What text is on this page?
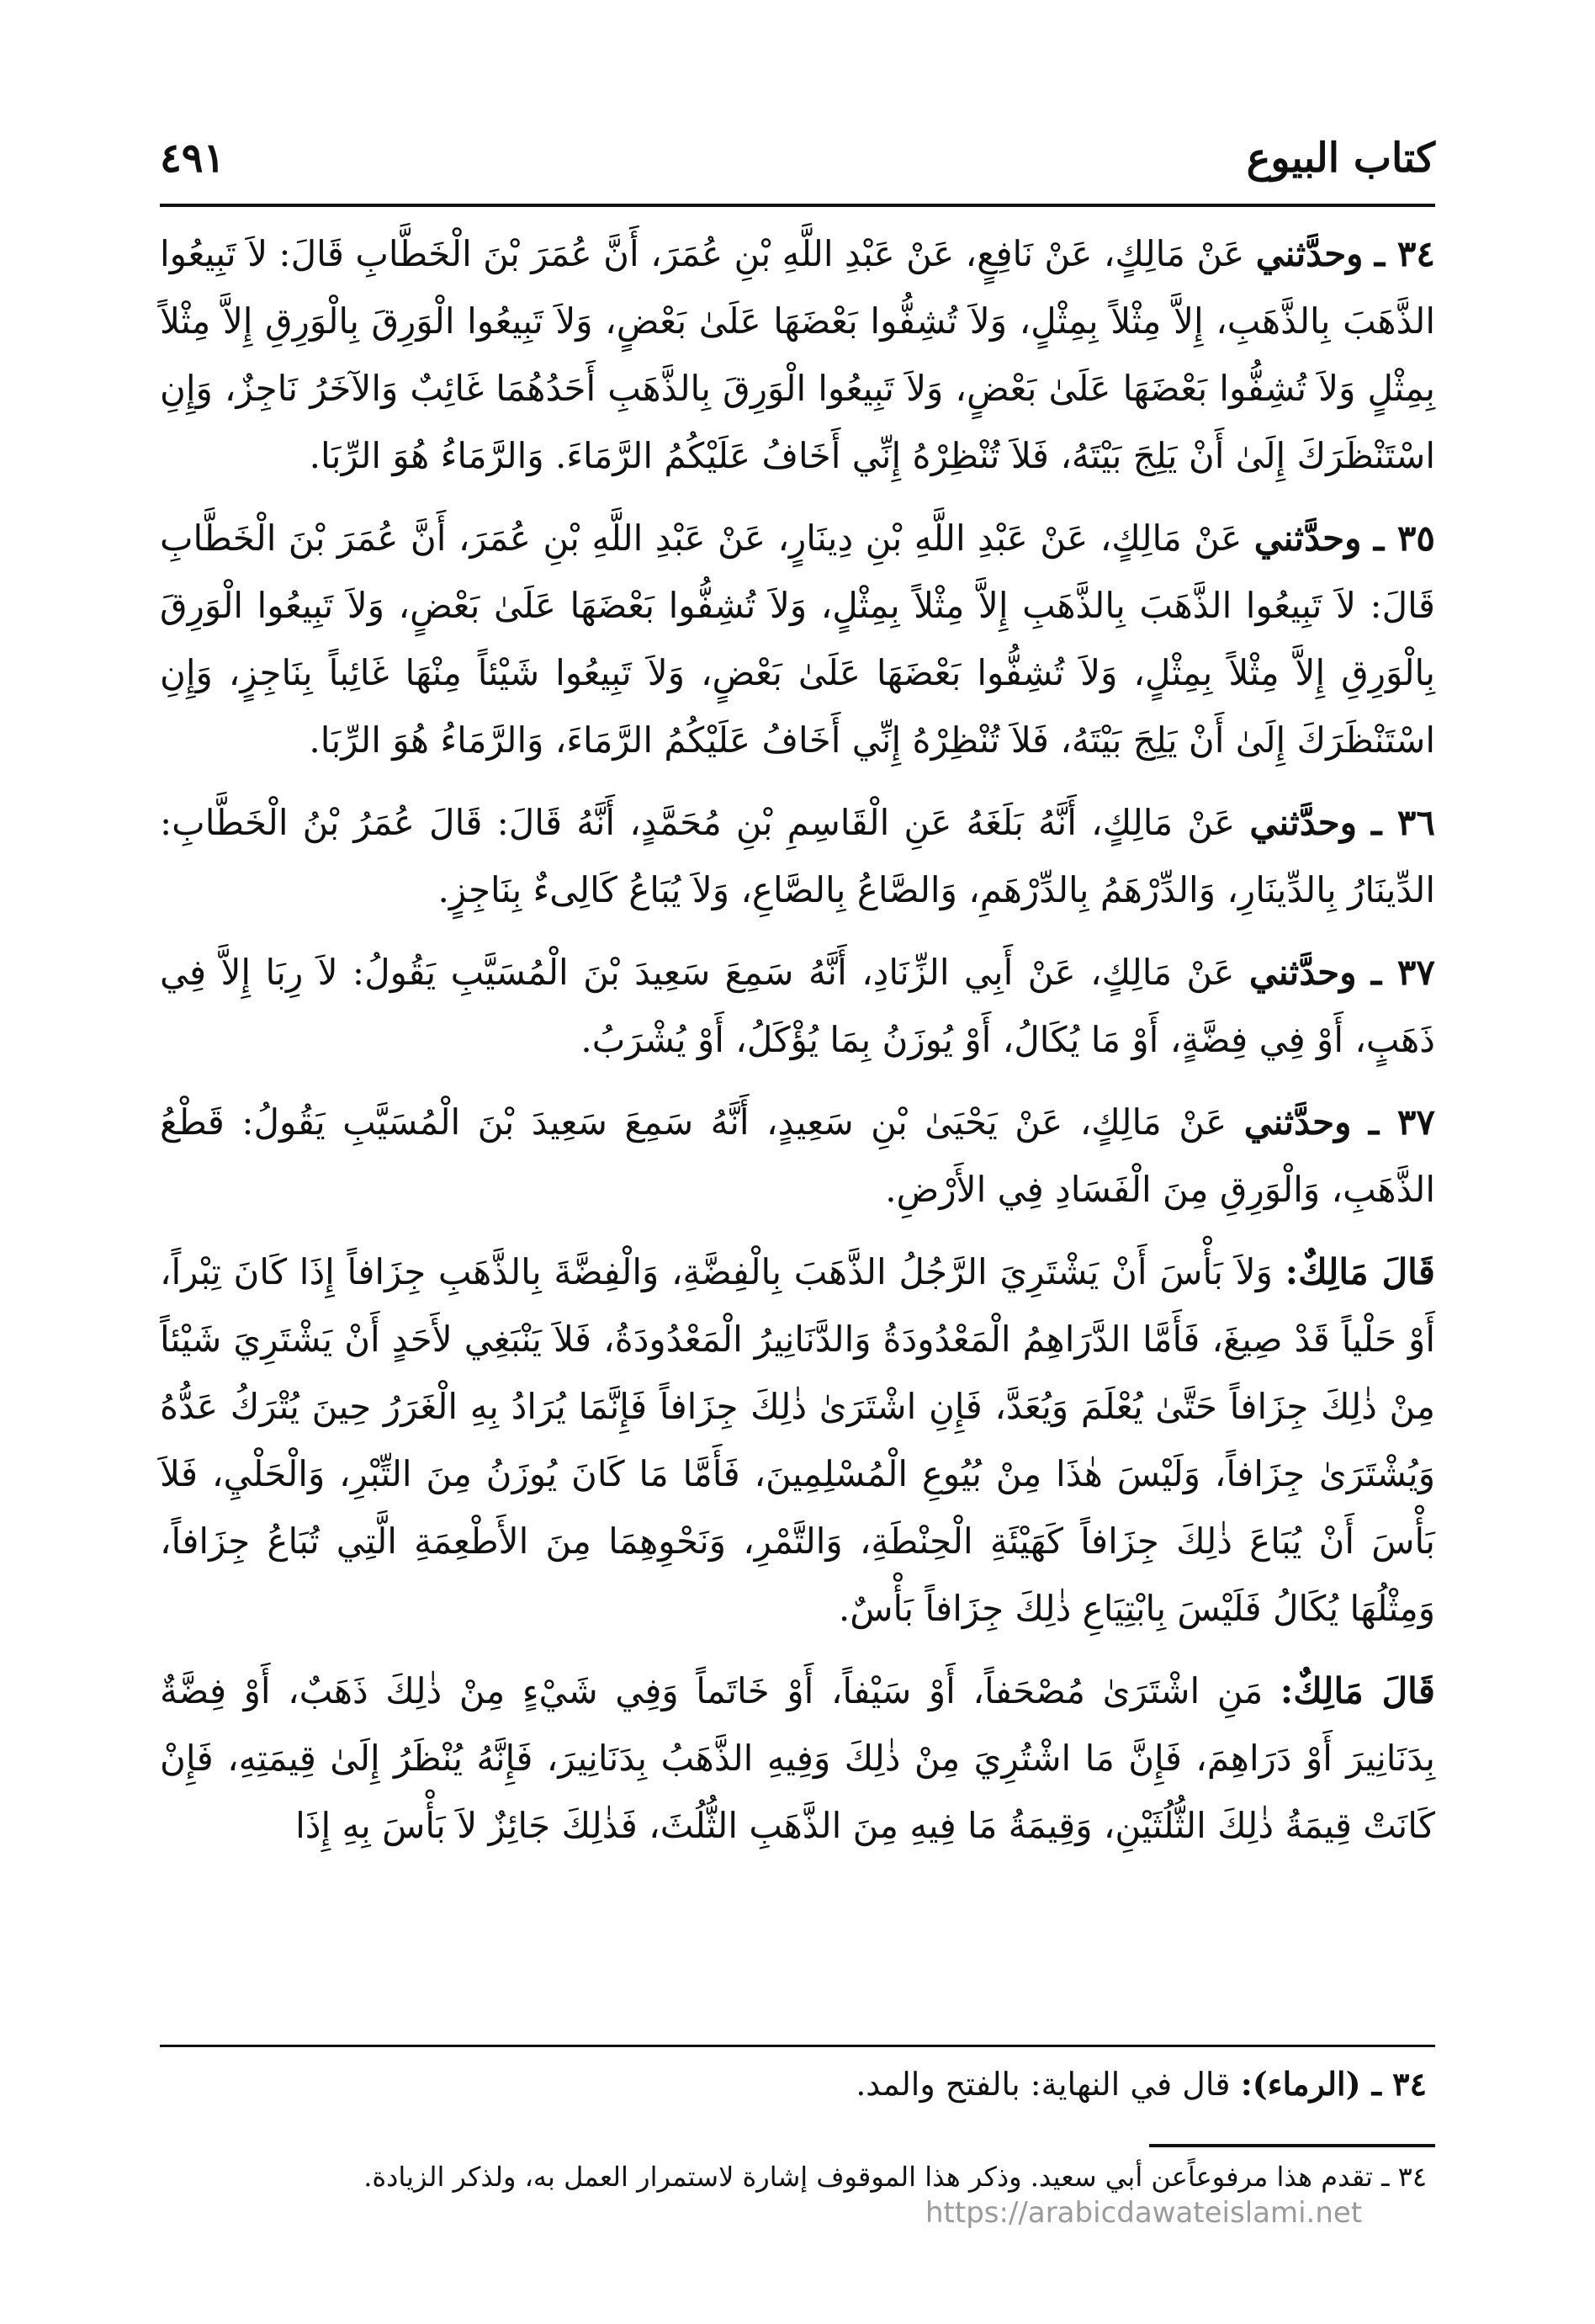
كتاب البيوع
٤٩١

٣٤ ـ وحدَّثني عَنْ مَالِكٍ، عَنْ نَافِعٍ، عَنْ عَبْدِ اللَّهِ بْنِ عُمَرَ، أَنَّ عُمَرَ بْنَ الْخَطَّابِ قَالَ: لاَ تَبِيعُوا الذَّهَبَ بِالذَّهَبِ، إِلاَّ مِثْلاً بِمِثْلٍ، وَلاَ تُشِفُّوا بَعْضَهَا عَلَىٰ بَعْضٍ، وَلاَ تَبِيعُوا الْوَرِقَ بِالْوَرِقِ إِلاَّ مِثْلاً بِمِثْلٍ وَلاَ تُشِفُّوا بَعْضَهَا عَلَىٰ بَعْضٍ، وَلاَ تَبِيعُوا الْوَرِقَ بِالذَّهَبِ أَحَدُهُمَا غَائِبٌ وَالآخَرُ نَاجِزٌ، وَإِنِ اسْتَنْظَرَكَ إِلَىٰ أَنْ يَلِجَ بَيْتَهُ، فَلاَ تُنْظِرْهُ إِنِّي أَخَافُ عَلَيْكُمُ الرَّمَاءَ. وَالرَّمَاءُ هُوَ الرِّبَا.

٣٥ ـ وحدَّثني عَنْ مَالِكٍ، عَنْ عَبْدِ اللَّهِ بْنِ دِينَارٍ، عَنْ عَبْدِ اللَّهِ بْنِ عُمَرَ، أَنَّ عُمَرَ بْنَ الْخَطَّابِ قَالَ: لاَ تَبِيعُوا الذَّهَبَ بِالذَّهَبِ إِلاَّ مِثْلاً بِمِثْلٍ، وَلاَ تُشِفُّوا بَعْضَهَا عَلَىٰ بَعْضٍ، وَلاَ تَبِيعُوا الْوَرِقَ بِالْوَرِقِ إِلاَّ مِثْلاً بِمِثْلٍ، وَلاَ تُشِفُّوا بَعْضَهَا عَلَىٰ بَعْضٍ، وَلاَ تَبِيعُوا شَيْئاً مِنْهَا غَائِباً بِنَاجِزٍ، وَإِنِ اسْتَنْظَرَكَ إِلَىٰ أَنْ يَلِجَ بَيْتَهُ، فَلاَ تُنْظِرْهُ إِنِّي أَخَافُ عَلَيْكُمُ الرَّمَاءَ، وَالرَّمَاءُ هُوَ الرِّبَا.

٣٦ ـ وحدَّثني عَنْ مَالِكٍ، أَنَّهُ بَلَغَهُ عَنِ الْقَاسِمِ بْنِ مُحَمَّدٍ، أَنَّهُ قَالَ: قَالَ عُمَرُ بْنُ الْخَطَّابِ: الدِّينَارُ بِالدِّينَارِ، وَالدِّرْهَمُ بِالدِّرْهَمِ، وَالصَّاعُ بِالصَّاعِ، وَلاَ يُبَاعُ كَالِىءٌ بِنَاجِزٍ.

٣٧ ـ وحدَّثني عَنْ مَالِكٍ، عَنْ أَبِي الزِّنَادِ، أَنَّهُ سَمِعَ سَعِيدَ بْنَ الْمُسَيَّبِ يَقُولُ: لاَ رِبَا إِلاَّ فِي ذَهَبٍ، أَوْ فِي فِضَّةٍ، أَوْ مَا يُكَالُ، أَوْ يُوزَنُ بِمَا يُؤْكَلُ، أَوْ يُشْرَبُ.

٣٧ ـ وحدَّثني عَنْ مَالِكٍ، عَنْ يَحْيَىٰ بْنِ سَعِيدٍ، أَنَّهُ سَمِعَ سَعِيدَ بْنَ الْمُسَيَّبِ يَقُولُ: قَطْعُ الذَّهَبِ، وَالْوَرِقِ مِنَ الْفَسَادِ فِي الأَرْضِ.

قَالَ مَالِكٌ: وَلاَ بَأْسَ أَنْ يَشْتَرِيَ الرَّجُلُ الذَّهَبَ بِالْفِضَّةِ، وَالْفِضَّةَ بِالذَّهَبِ جِزَافاً إِذَا كَانَ تِبْراً، أَوْ حَلْياً قَدْ صِيغَ، فَأَمَّا الدَّرَاهِمُ الْمَعْدُودَةُ وَالدَّنَانِيرُ الْمَعْدُودَةُ، فَلاَ يَنْبَغِي لأَحَدٍ أَنْ يَشْتَرِيَ شَيْئاً مِنْ ذٰلِكَ جِزَافاً حَتَّىٰ يُعْلَمَ وَيُعَدَّ، فَإِنِ اشْتَرَىٰ ذٰلِكَ جِزَافاً فَإِنَّمَا يُرَادُ بِهِ الْغَرَرُ حِينَ يُتْرَكُ عَدُّهُ وَيُشْتَرَىٰ جِزَافاً، وَلَيْسَ هٰذَا مِنْ بُيُوعِ الْمُسْلِمِينَ، فَأَمَّا مَا كَانَ يُوزَنُ مِنَ التِّبْرِ، وَالْحَلْيِ، فَلاَ بَأْسَ أَنْ يُبَاعَ ذٰلِكَ جِزَافاً كَهَيْئَةِ الْحِنْطَةِ، وَالتَّمْرِ، وَنَحْوِهِمَا مِنَ الأَطْعِمَةِ الَّتِي تُبَاعُ جِزَافاً، وَمِثْلُهَا يُكَالُ فَلَيْسَ بِابْتِيَاعِ ذٰلِكَ جِزَافاً بَأْسٌ.

قَالَ مَالِكٌ: مَنِ اشْتَرَىٰ مُصْحَفاً، أَوْ سَيْفاً، أَوْ خَاتَماً وَفِي شَيْءٍ مِنْ ذٰلِكَ ذَهَبٌ، أَوْ فِضَّةٌ بِدَنَانِيرَ أَوْ دَرَاهِمَ، فَإِنَّ مَا اشْتُرِيَ مِنْ ذٰلِكَ وَفِيهِ الذَّهَبُ بِدَنَانِيرَ، فَإِنَّهُ يُنْظَرُ إِلَىٰ قِيمَتِهِ، فَإِنْ كَانَتْ قِيمَةُ ذٰلِكَ الثُّلُثَيْنِ، وَقِيمَةُ مَا فِيهِ مِنَ الذَّهَبِ الثُّلُثَ، فَذٰلِكَ جَائِزٌ لاَ بَأْسَ بِهِ إِذَا

٣٤ ـ (الرماء): قال في النهاية: بالفتح والمد.
٣٤ ـ تقدم هذا مرفوعاًعن أبي سعيد. وذكر هذا الموقوف إشارة لاستمرار العمل به، ولذكر الزيادة.
https://arabicdawateislami.net
